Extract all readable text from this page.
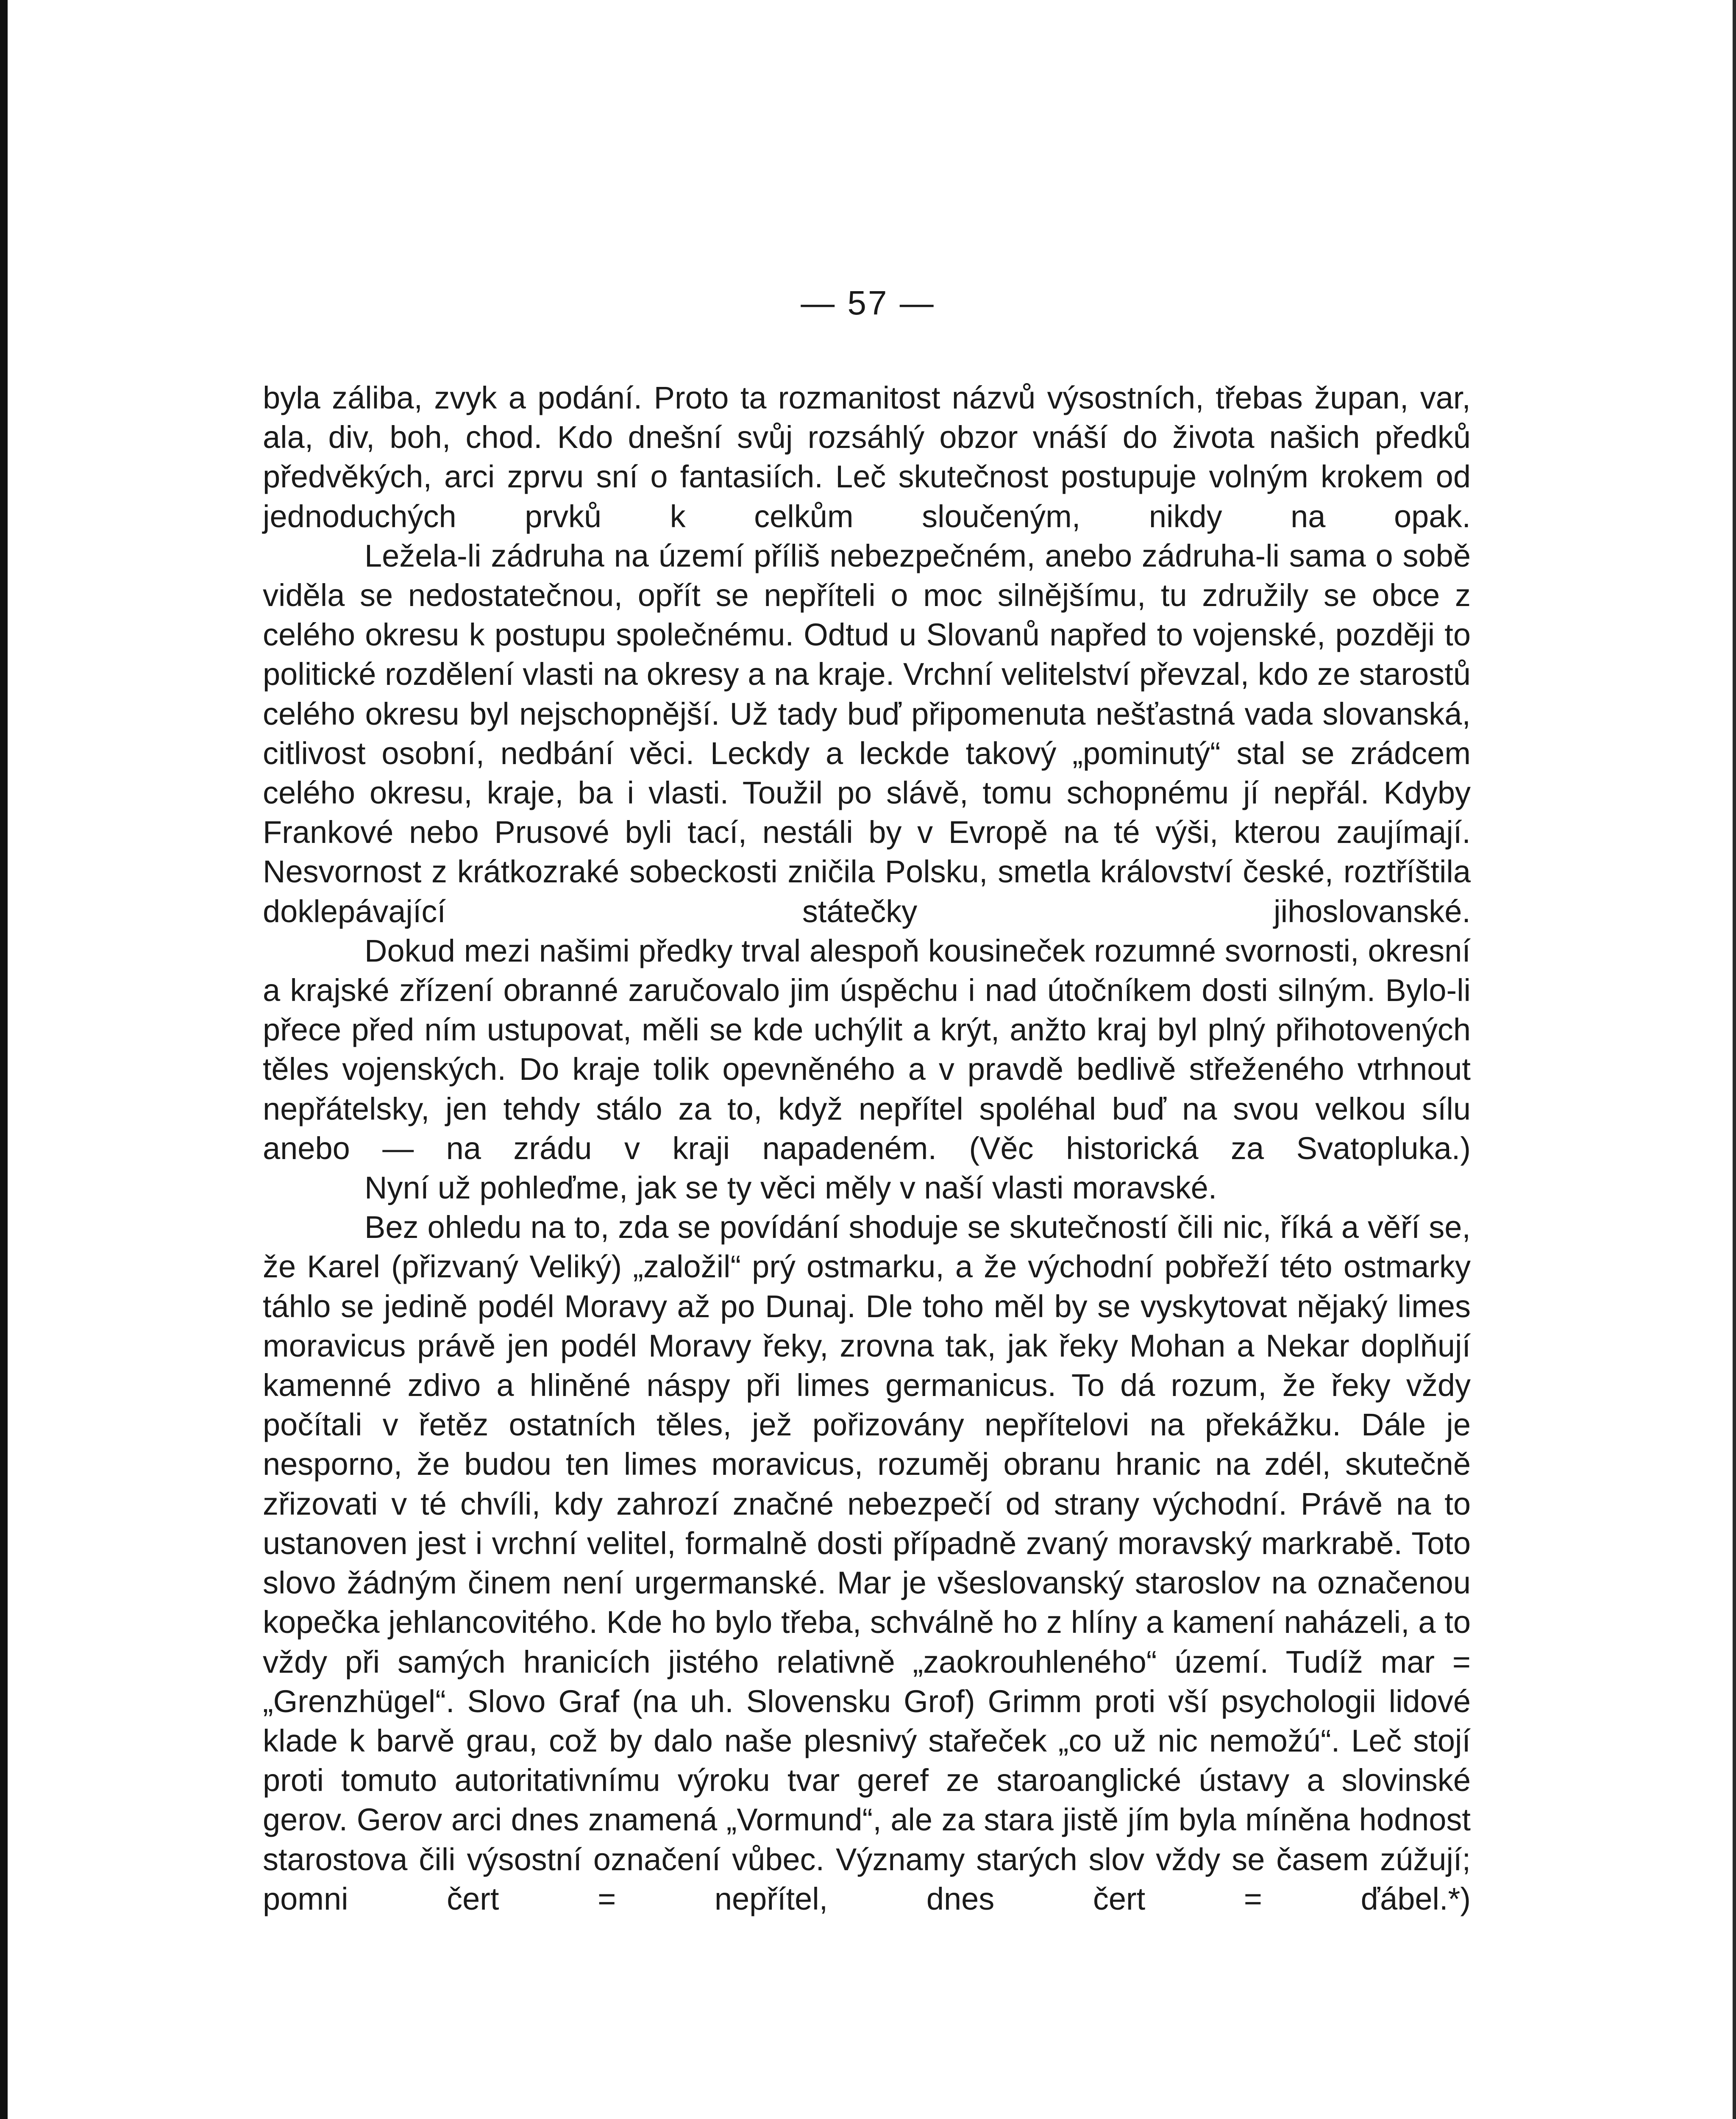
— 57 —

byla záliba, zvyk a podání. Proto ta rozmanitost názvů výsostních, třebas župan, var, ala, div, boh, chod. Kdo dnešní svůj rozsáhlý obzor vnáší do života našich předků předvěkých, arci zprvu sní o fantasiích. Leč skutečnost postupuje volným krokem od jednoduchých prvků k celkům sloučeným, nikdy na opak.

Ležela-li zádruha na území příliš nebezpečném, anebo zádruha-li sama o sobě viděla se nedostatečnou, opřít se nepříteli o moc silnějšímu, tu združily se obce z celého okresu k postupu společnému. Odtud u Slovanů napřed to vojenské, později to politické rozdělení vlasti na okresy a na kraje. Vrchní velitelství převzal, kdo ze starostů celého okresu byl nejschopnější. Už tady buď připomenuta nešťastná vada slovanská, citlivost osobní, nedbání věci. Leckdy a leckde takový „pominutý“ stal se zrádcem celého okresu, kraje, ba i vlasti. Toužil po slávě, tomu schopnému jí nepřál. Kdyby Frankové nebo Prusové byli tací, nestáli by v Evropě na té výši, kterou zaujímají. Nesvornost z krátkozraké sobeckosti zničila Polsku, smetla království české, roztříštila doklepávající státečky jihoslovanské.

Dokud mezi našimi předky trval alespoň kousineček rozumné svornosti, okresní a krajské zřízení obranné zaručovalo jim úspěchu i nad útočníkem dosti silným. Bylo-li přece před ním ustupovat, měli se kde uchýlit a krýt, anžto kraj byl plný přihotovených těles vojenských. Do kraje tolik opevněného a v pravdě bedlivě střeženého vtrhnout nepřátelsky, jen tehdy stálo za to, když nepřítel spoléhal buď na svou velkou sílu anebo — na zrádu v kraji napadeném. (Věc historická za Svatopluka.)

Nyní už pohleďme, jak se ty věci měly v naší vlasti moravské.

Bez ohledu na to, zda se povídání shoduje se skutečností čili nic, říká a věří se, že Karel (přizvaný Veliký) „založil“ prý ostmarku, a že východní pobřeží této ostmarky táhlo se jedině podél Moravy až po Dunaj. Dle toho měl by se vyskytovat nějaký limes moravicus právě jen podél Moravy řeky, zrovna tak, jak řeky Mohan a Nekar doplňují kamenné zdivo a hliněné náspy při limes germanicus. To dá rozum, že řeky vždy počítali v řetěz ostatních těles, jež pořizovány nepřítelovi na překážku. Dále je nesporno, že budou ten limes moravicus, rozuměj obranu hranic na zdél, skutečně zřizovati v té chvíli, kdy zahrozí značné nebezpečí od strany východní. Právě na to ustanoven jest i vrchní velitel, formalně dosti případně zvaný moravský markrabě. Toto slovo žádným činem není urgermanské. Mar je všeslovanský staroslov na označenou kopečka jehlancovitého. Kde ho bylo třeba, schválně ho z hlíny a kamení naházeli, a to vždy při samých hranicích jistého relativně „zaokrouhleného“ území. Tudíž mar = „Grenzhügel“. Slovo Graf (na uh. Slovensku Grof) Grimm proti vší psychologii lidové klade k barvě grau, což by dalo naše plesnivý stařeček „co už nic nemožú“. Leč stojí proti tomuto autoritativnímu výroku tvar geref ze staroanglické ústavy a slovinské gerov. Gerov arci dnes znamená „Vormund“, ale za stara jistě jím byla míněna hodnost starostova čili výsostní označení vůbec. Významy starých slov vždy se časem zúžují; pomni čert = nepřítel, dnes čert = ďábel.*)
